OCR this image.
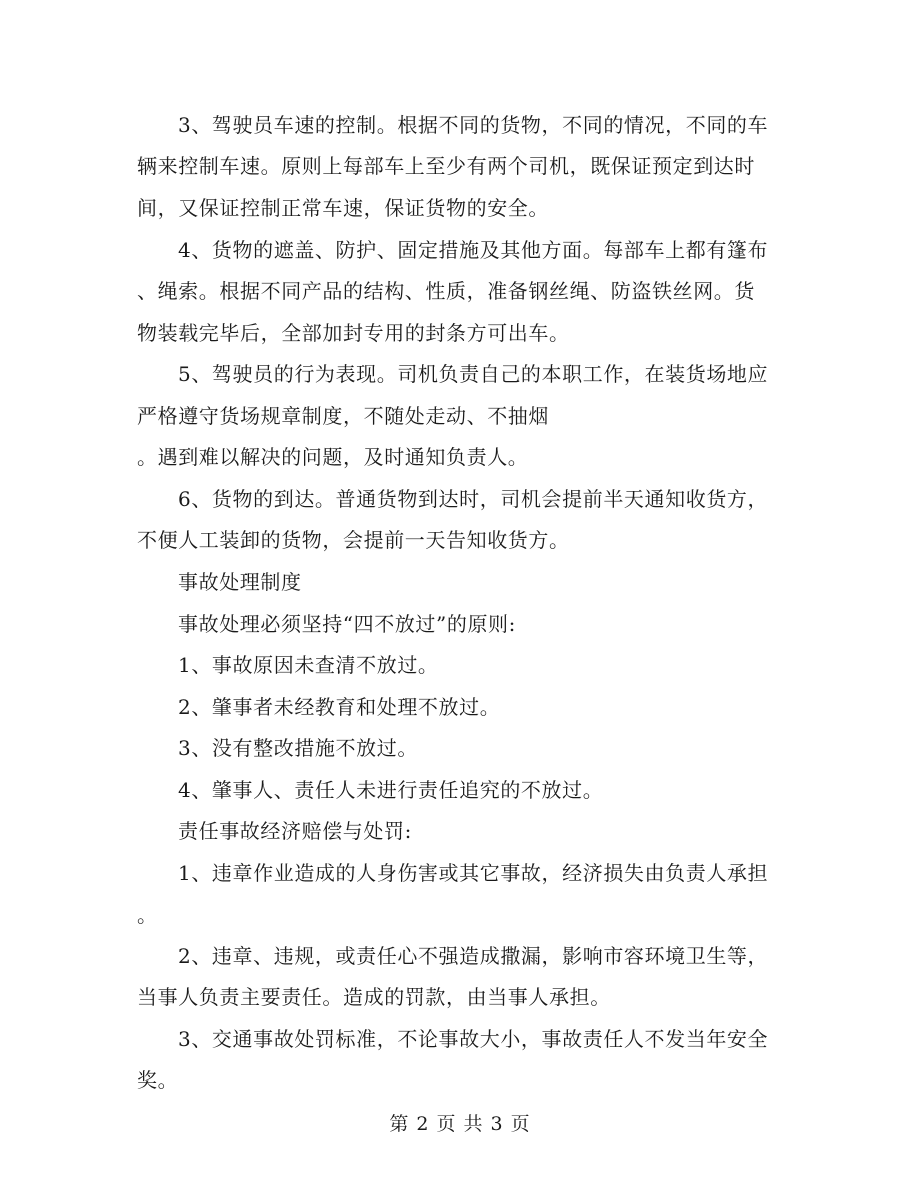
3、驾驶员车速的控制。根据不同的货物，不同的情况，不同的车
辆来控制车速。原则上每部车上至少有两个司机，既保证预定到达时
间，又保证控制正常车速，保证货物的安全。
4、货物的遮盖、防护、固定措施及其他方面。每部车上都有篷布
、绳索。根据不同产品的结构、性质，准备钢丝绳、防盗铁丝网。货
物装载完毕后，全部加封专用的封条方可出车。
5、驾驶员的行为表现。司机负责自己的本职工作，在装货场地应
严格遵守货场规章制度，不随处走动、不抽烟
。遇到难以解决的问题，及时通知负责人。
6、货物的到达。普通货物到达时，司机会提前半天通知收货方，
不便人工装卸的货物，会提前一天告知收货方。
事故处理制度
事故处理必须坚持“四不放过”的原则:
1、事故原因未查清不放过。
2、肇事者未经教育和处理不放过。
3、没有整改措施不放过。
4、肇事人、责任人未进行责任追究的不放过。
责任事故经济赔偿与处罚:
1、违章作业造成的人身伤害或其它事故，经济损失由负责人承担
。
2、违章、违规，或责任心不强造成撒漏，影响市容环境卫生等，
当事人负责主要责任。造成的罚款，由当事人承担。
3、交通事故处罚标准，不论事故大小，事故责任人不发当年安全
奖。
第 2 页 共 3 页
